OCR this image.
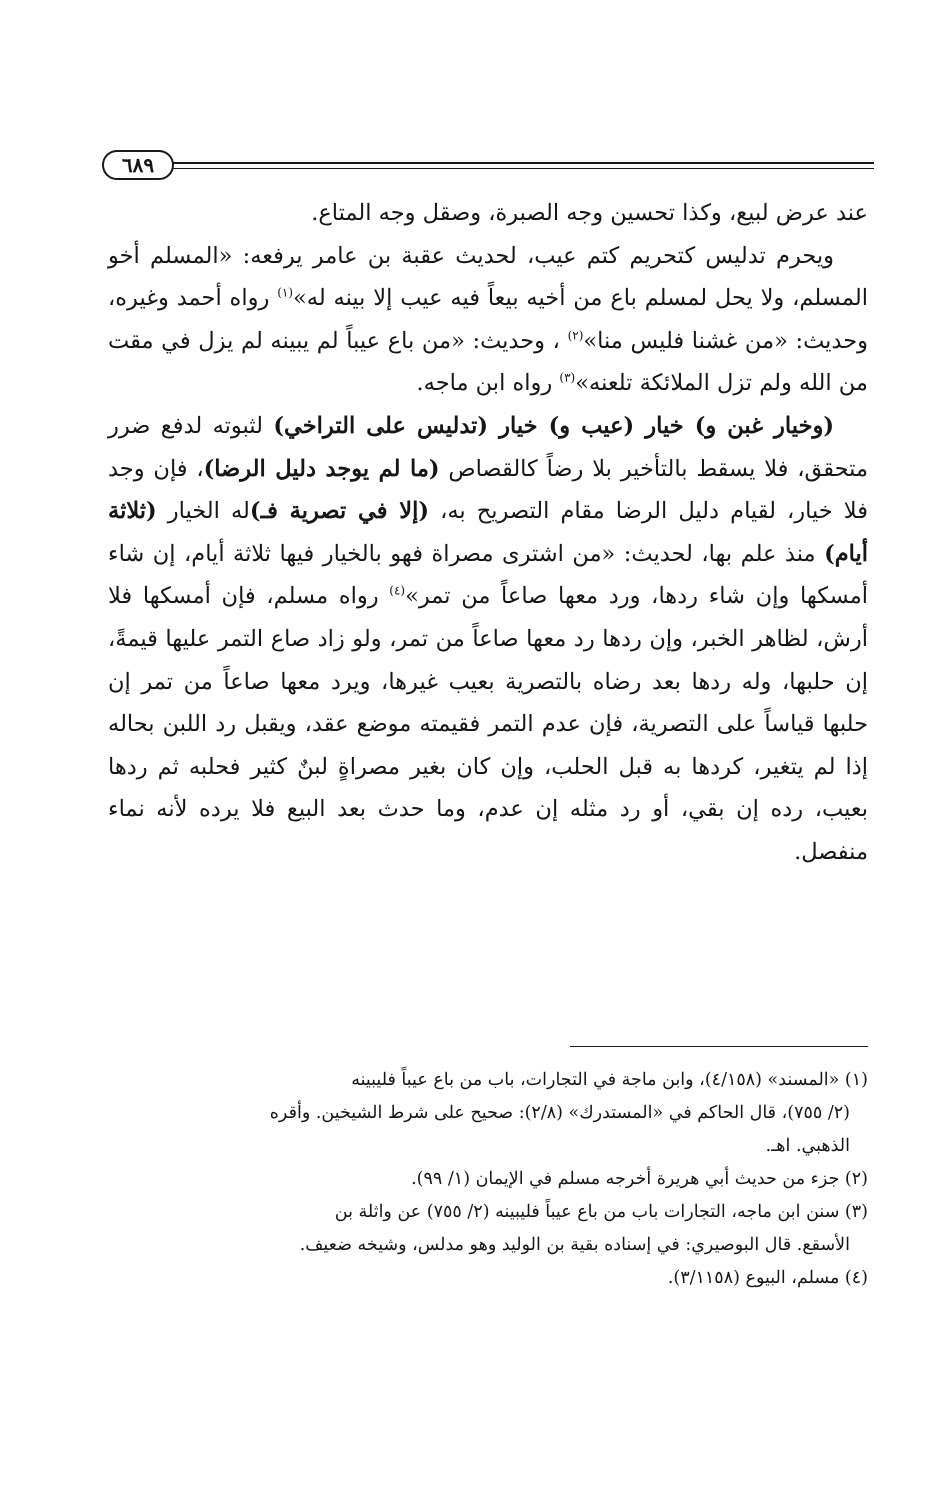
٦٨٩

عند عرض لبيع، وكذا تحسين وجه الصبرة، وصقل وجه المتاع.

ويحرم تدليس كتحريم كتم عيب، لحديث عقبة بن عامر يرفعه: «المسلم أخو المسلم، ولا يحل لمسلم باع من أخيه بيعاً فيه عيب إلا بينه له»$^{(١)}$ رواه أحمد وغيره، وحديث: «من غشنا فليس منا»$^{(٢)}$ ، وحديث: «من باع عيباً لم يبينه لم يزل في مقت من الله ولم تزل الملائكة تلعنه»$^{(٣)}$ رواه ابن ماجه.

(وخيار غبن و) خيار (عيب و) خيار (تدليس على التراخي) لثبوته لدفع ضرر متحقق، فلا يسقط بالتأخير بلا رضاً كالقصاص (ما لم يوجد دليل الرضا)، فإن وجد فلا خيار، لقيام دليل الرضا مقام التصريح به، (إلا في تصرية فـ)له الخيار (ثلاثة أيام) منذ علم بها، لحديث: «من اشترى مصراة فهو بالخيار فيها ثلاثة أيام، إن شاء أمسكها وإن شاء ردها، ورد معها صاعاً من تمر»$^{(٤)}$ رواه مسلم، فإن أمسكها فلا أرش، لظاهر الخبر، وإن ردها رد معها صاعاً من تمر، ولو زاد صاع التمر عليها قيمةً، إن حلبها، وله ردها بعد رضاه بالتصرية بعيب غيرها، ويرد معها صاعاً من تمر إن حلبها قياساً على التصرية، فإن عدم التمر فقيمته موضع عقد، ويقبل رد اللبن بحاله إذا لم يتغير، كردها به قبل الحلب، وإن كان بغير مصراةٍ لبنٌ كثير فحلبه ثم ردها بعيب، رده إن بقي، أو رد مثله إن عدم، وما حدث بعد البيع فلا يرده لأنه نماء منفصل.

(١) «المسند» (٤/١٥٨)، وابن ماجة في التجارات، باب من باع عيباً فليبينه

(٢/ ٧٥٥)، قال الحاكم في «المستدرك» (٢/٨): صحيح على شرط الشيخين. وأقره

الذهبي. اهـ.

(٢) جزء من حديث أبي هريرة أخرجه مسلم في الإيمان (١/ ٩٩).

(٣) سنن ابن ماجه، التجارات باب من باع عيباً فليبينه (٢/ ٧٥٥) عن واثلة بن

الأسقع. قال البوصيري: في إسناده بقية بن الوليد وهو مدلس، وشيخه ضعيف.

(٤) مسلم، البيوع (٣/١١٥٨).
